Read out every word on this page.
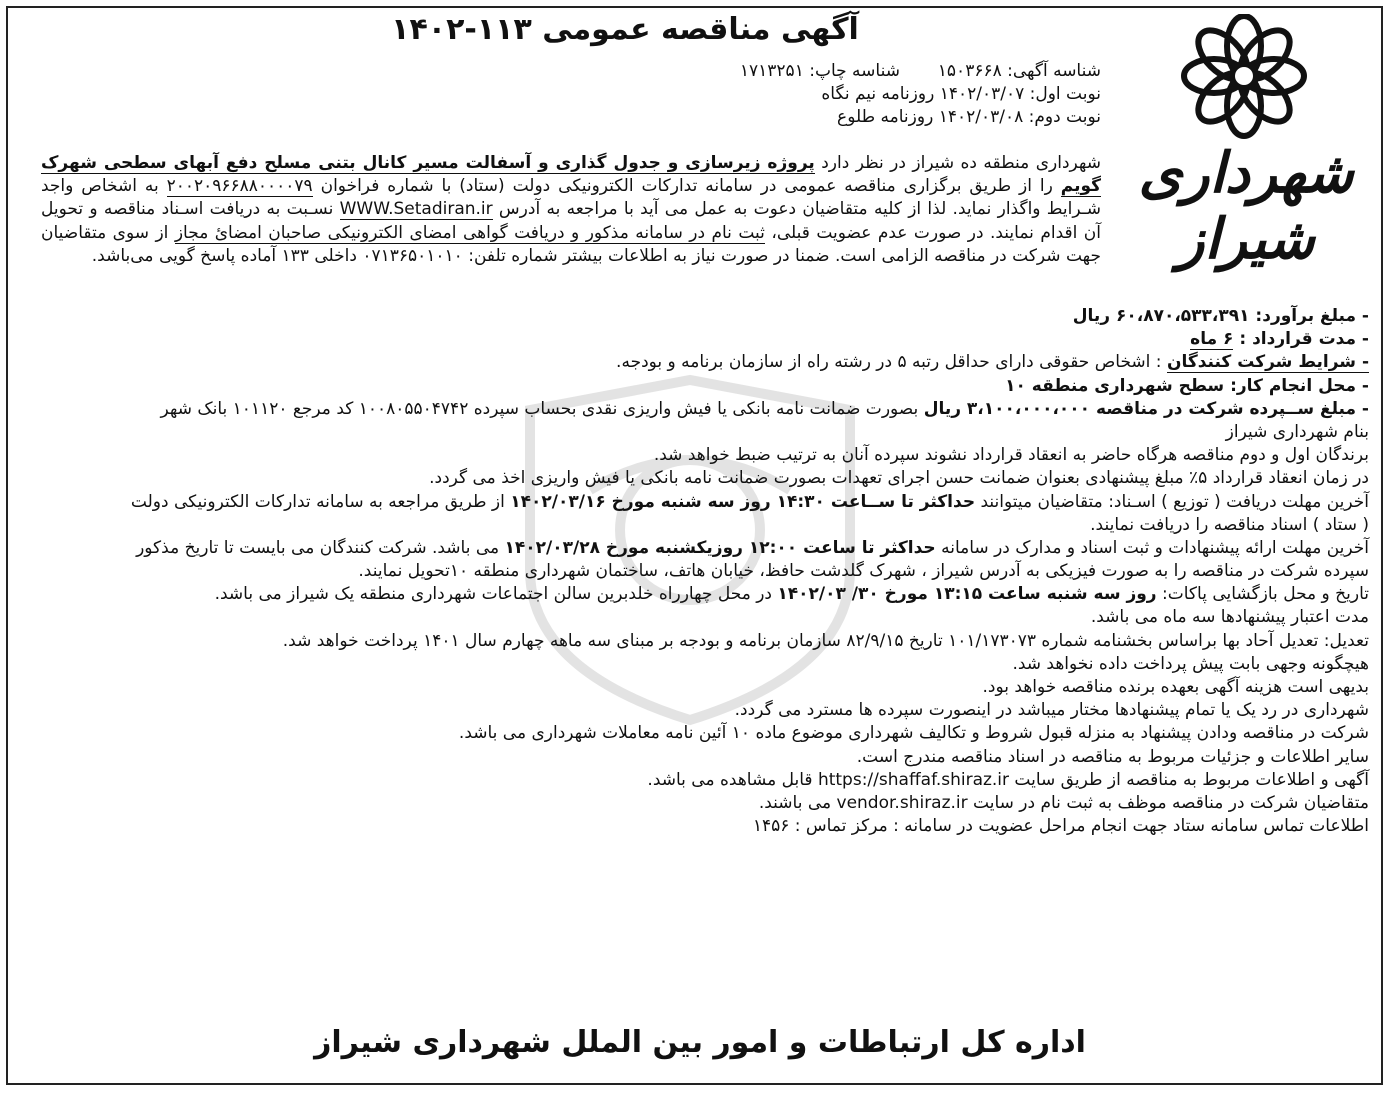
شهرداری شیراز
آگهی مناقصه عمومی ۱۱۳-۱۴۰۲
شناسه آگهی: ۱۵۰۳۶۶۸       شناسه چاپ: ۱۷۱۳۲۵۱
نوبت اول: ۱۴۰۲/۰۳/۰۷ روزنامه نیم نگاه
نوبت دوم: ۱۴۰۲/۰۳/۰۸ روزنامه طلوع
شهرداری منطقه ده شیراز در نظر دارد پروژه زیرسازی و جدول گذاری و آسفالت مسیر کانال بتنی مسلح دفع آبهای سطحی شهرک گویم را از طریق برگزاری مناقصه عمومی در سامانه تدارکات الکترونیکی دولت (ستاد) با شماره فراخوان ۲۰۰۲۰۹۶۶۸۸۰۰۰۰۷۹ به اشخاص واجد شـرایط واگذار نماید. لذا از کلیه متقاضیان دعوت به عمل می آید با مراجعه به آدرس WWW.Setadiran.ir نسـبت به دریافت اسـناد مناقصه و تحویل آن اقدام نمایند. در صورت عدم عضویت قبلی، ثبت نام در سامانه مذکور و دریافت گواهی امضای الکترونیکی صاحبان امضائ مجاز از سوی متقاضیان جهت شرکت در مناقصه الزامی است. ضمنا در صورت نیاز به اطلاعات بیشتر شماره تلفن: ۰۷۱۳۶۵۰۱۰۱۰ داخلی ۱۳۳ آماده پاسخ گویی می‌باشد.
- مبلغ برآورد: ۶۰،۸۷۰،۵۳۳،۳۹۱ ریال
- مدت قرارداد : ۶ ماه
- شرایط شرکت کنندگان : اشخاص حقوقی دارای حداقل رتبه ۵ در رشته راه از سازمان برنامه و بودجه.
- محل انجام کار: سطح شهرداری منطقه ۱۰
- مبلغ ســپرده شرکت در مناقصه ۳،۱۰۰،۰۰۰،۰۰۰ ریال بصورت ضمانت نامه بانکی یا فیش واریزی نقدی بحساب سپرده ۱۰۰۸۰۵۵۰۴۷۴۲ کد مرجع ۱۰۱۱۲۰ بانک شهر
بنام شهرداری شیراز
برندگان اول و دوم مناقصه هرگاه حاضر به انعقاد قرارداد نشوند سپرده آنان به ترتیب ضبط خواهد شد.
در زمان انعقاد قرارداد ۵٪ مبلغ پیشنهادی بعنوان ضمانت حسن اجرای تعهدات بصورت ضمانت نامه بانکی یا فیش واریزی اخذ می گردد.
آخرین مهلت دریافت ( توزیع ) اسـناد: متقاضیان میتوانند حداکثر تا ســاعت ۱۴:۳۰ روز سه شنبه مورخ ۱۴۰۲/۰۳/۱۶ از طریق مراجعه به سامانه تدارکات الکترونیکی دولت
( ستاد ) اسناد مناقصه را دریافت نمایند.
آخرین مهلت ارائه پیشنهادات و ثبت اسناد و مدارک در سامانه حداکثر تا ساعت ۱۲:۰۰ روزیکشنبه مورخ ۱۴۰۲/۰۳/۲۸ می باشد. شرکت کنندگان می بایست تا تاریخ مذکور
سپرده شرکت در مناقصه را به صورت فیزیکی به آدرس شیراز ، شهرک گلدشت حافظ، خیابان هاتف، ساختمان شهرداری منطقه ۱۰تحویل نمایند.
تاریخ و محل بازگشایی پاکات: روز سه شنبه ساعت ۱۳:۱۵ مورخ ۳۰/ ۱۴۰۲/۰۳ در محل چهارراه خلدبرین سالن اجتماعات شهرداری منطقه یک شیراز می باشد.
مدت اعتبار پیشنهادها سه ماه می باشد.
تعدیل: تعدیل آحاد بها براساس بخشنامه شماره ۱۰۱/۱۷۳۰۷۳ تاریخ ۸۲/۹/۱۵ سازمان برنامه و بودجه بر مبنای سه ماهه چهارم سال ۱۴۰۱ پرداخت خواهد شد.
هیچگونه وجهی بابت پیش پرداخت داده نخواهد شد.
بدیهی است هزینه آگهی بعهده برنده مناقصه خواهد بود.
شهرداری در رد یک یا تمام پیشنهادها مختار میباشد در اینصورت سپرده ها مسترد می گردد.
شرکت در مناقصه ودادن پیشنهاد به منزله قبول شروط و تکالیف شهرداری موضوع ماده ۱۰ آئین نامه معاملات شهرداری می باشد.
سایر اطلاعات و جزئیات مربوط به مناقصه در اسناد مناقصه مندرج است.
آگهی و اطلاعات مربوط به مناقصه از طریق سایت https://shaffaf.shiraz.ir قابل مشاهده می باشد.
متقاضیان شرکت در مناقصه موظف به ثبت نام در سایت vendor.shiraz.ir می باشند.
اطلاعات تماس سامانه ستاد جهت انجام مراحل عضویت در سامانه : مرکز تماس : ۱۴۵۶
اداره کل ارتباطات و امور بین الملل شهرداری شیراز
